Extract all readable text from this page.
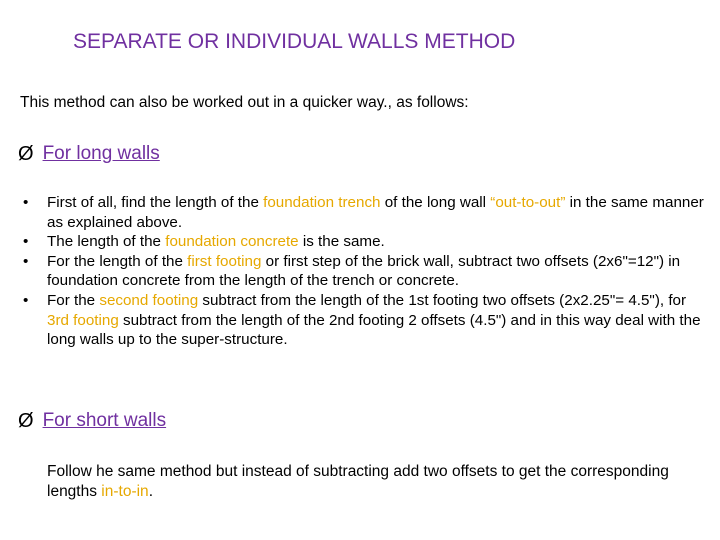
SEPARATE OR INDIVIDUAL WALLS METHOD
This method can also be worked out in a quicker way., as follows:
Ø For long walls
• First of all, find the length of the foundation trench of the long wall “out-to-out” in the same manner as explained above.
• The length of the foundation concrete is the same.
• For the length of the first footing or first step of the brick wall, subtract two offsets (2x6"=12") in foundation concrete from the length of the trench or concrete.
• For the second footing subtract from the length of the 1st footing two offsets (2x2.25"= 4.5"), for 3rd footing subtract from the length of the 2nd footing 2 offsets (4.5") and in this way deal with the long walls up to the super-structure.
Ø For short walls
Follow he same method but instead of subtracting add two offsets to get the corresponding lengths in-to-in.
